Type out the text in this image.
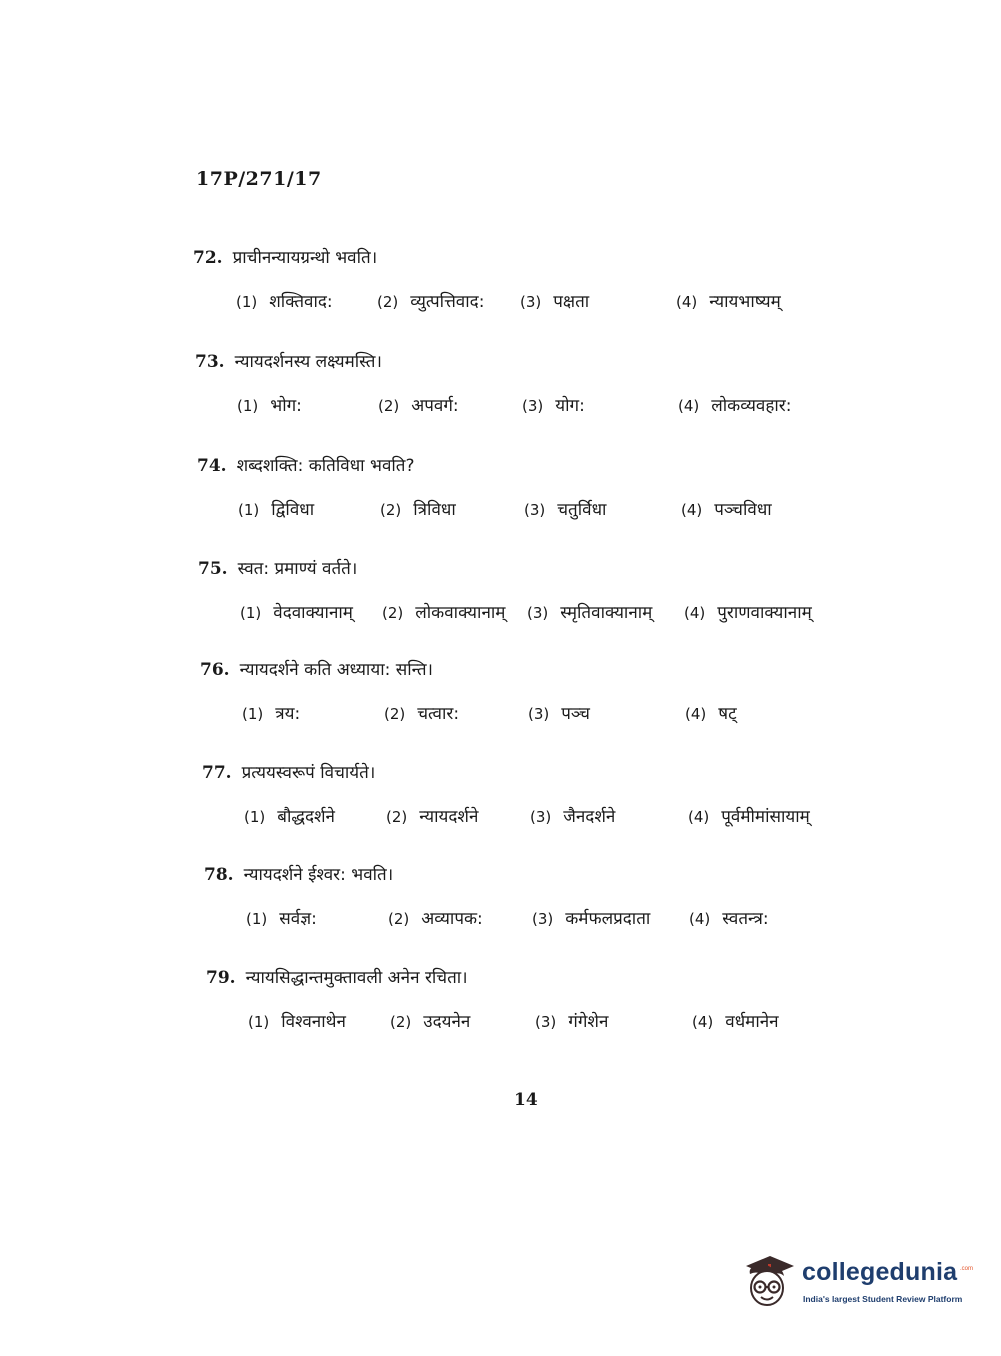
17P/271/17
72. प्राचीनन्यायग्रन्थो भवति।
(1) शक्तिवाद:	(2) व्युत्पत्तिवाद: (3) पक्षता	(4) न्यायभाष्यम्
73. न्यायदर्शनस्य लक्ष्यमस्ति।
(1) भोग:	(2) अपवर्ग:	(3) योग:	(4) लोकव्यवहार:
74. शब्दशक्ति: कतिविधा भवति?
(1) द्विविधा	(2) त्रिविधा	(3) चतुर्विधा	(4) पञ्चविधा
75. स्वत: प्रमाण्यं वर्तते।
(1) वेदवाक्यानाम् (2) लोकवाक्यानाम् (3) स्मृतिवाक्यानाम् (4) पुराणवाक्यानाम्
76. न्यायदर्शने कति अध्याया: सन्ति।
(1) त्रय:	(2) चत्वार:	(3) पञ्च	(4) षट्
77. प्रत्ययस्वरूपं विचार्यते।
(1) बौद्धदर्शने	(2) न्यायदर्शने	(3) जैनदर्शने	(4) पूर्वमीमांसायाम्
78. न्यायदर्शने ईश्वर: भवति।
(1) सर्वज्ञ:	(2) अव्यापक:	(3) कर्मफलप्रदाता	(4) स्वतन्त्र:
79. न्यायसिद्धान्तमुक्तावली अनेन रचिता।
(1) विश्वनाथेन	(2) उदयनेन	(3) गंगेशेन	(4) वर्धमानेन
14
collegedunia .com
India's largest Student Review Platform
